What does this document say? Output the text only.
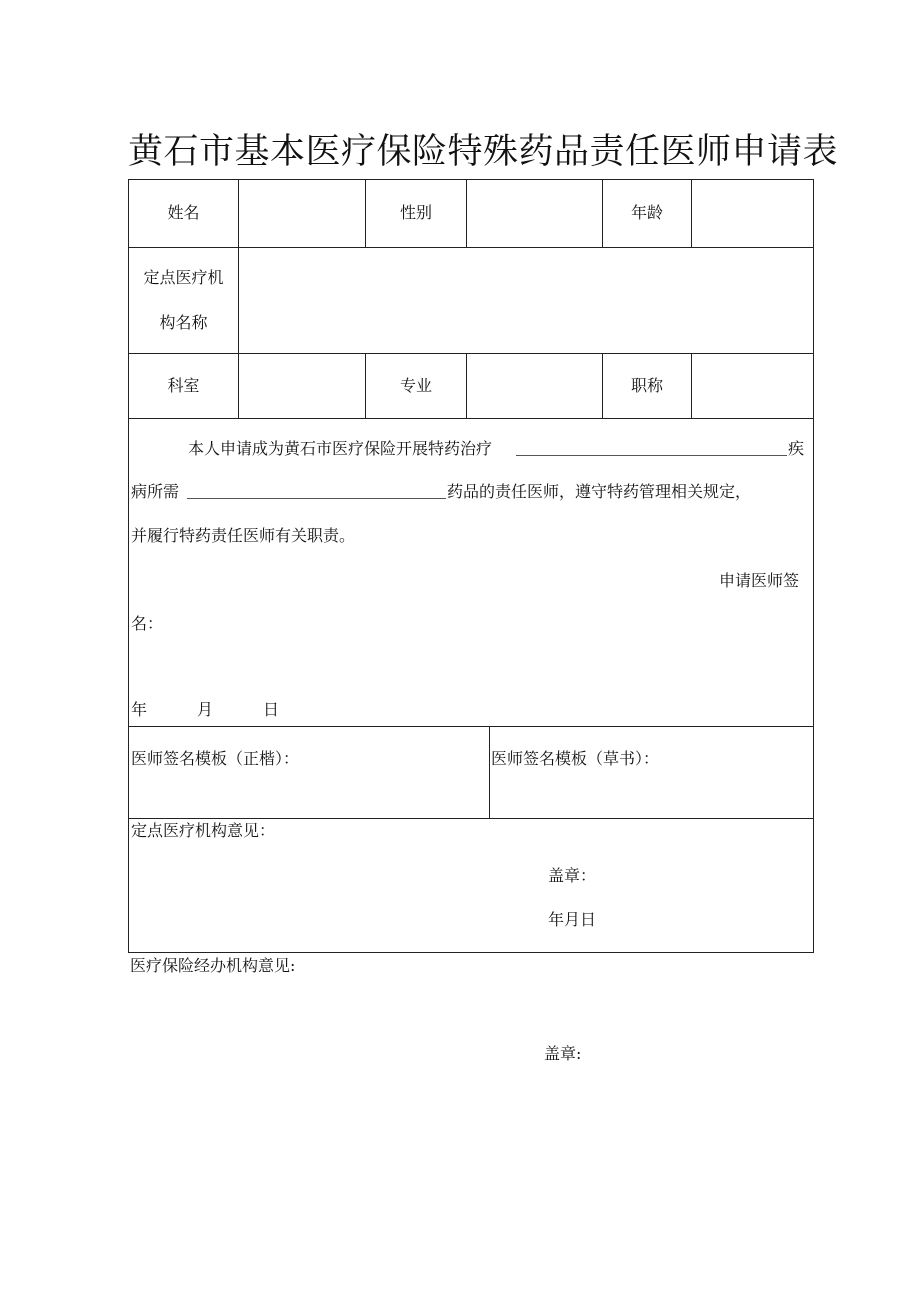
黄石市基本医疗保险特殊药品责任医师申请表
姓名	性别	年龄
定点医疗机
构名称
科室	专业	职称
本人申请成为黄石市医疗保险开展特药治疗	疾
病所需	药品的责任医师，遵守特药管理相关规定，
并履行特药责任医师有关职责。
申请医师签
名：
年	月	日
医师签名模板（正楷）：	医师签名模板（草书）：
定点医疗机构意见：
盖章：
年月日
医疗保险经办机构意见:
盖章:
